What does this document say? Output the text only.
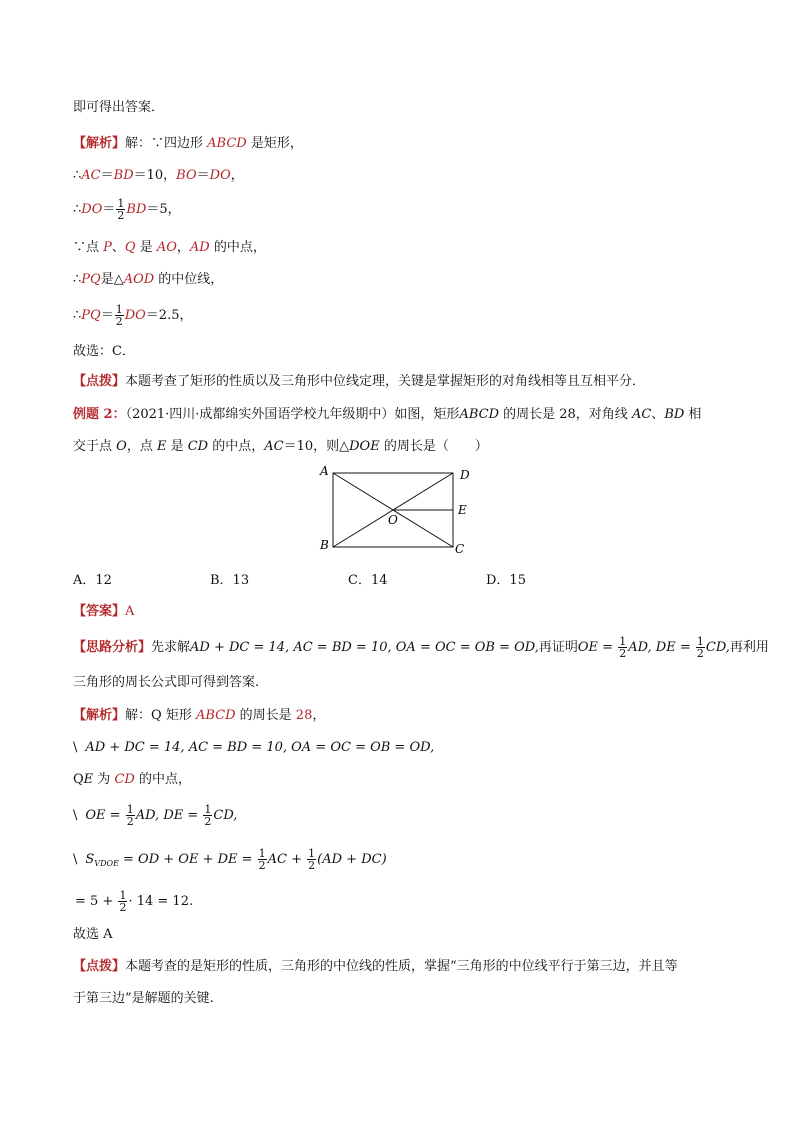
即可得出答案．
【解析】解：∵四边形 ABCD 是矩形，
∴AC＝BD＝10，BO＝DO，
∴DO＝ $\frac{1}{2} BD=5$，
∵点 P、Q 是 AO，AD 的中点，
∴PQ是△AOD 的中位线，
∴PQ＝ $\frac{1}{2} DO=2.5$，
故选：C．
【点拨】本题考查了矩形的性质以及三角形中位线定理，关键是掌握矩形的对角线相等且互相平分．
例题 2：（2021·四川·成都绵实外国语学校九年级期中）如图，矩形ABCD 的周长是 28，对角线 AC、BD 相
交于点 O，点 E 是 CD 的中点，AC＝10，则△DOE 的周长是（　　）
A	D
E
O
B	C
A．12	B．13	C．14	D．15
【答案】A
【思路分析】先求解AD + DC = 14, AC = BD = 10, OA = OC = OB = OD,再证明OE = $\frac{1}{2}$ AD, DE = $\frac{1}{2}$ CD,再利用
三角形的周长公式即可得到答案.
【解析】解：Q 矩形 ABCD 的周长是 28，
\ AD + DC = 14, AC = BD = 10, OA = OC = OB = OD,
QE 为 CD 的中点，
\ OE = $\frac{1}{2}$ AD, DE = $\frac{1}{2}$ CD,
\ $S_{VDOE}$ = OD + OE + DE = $\frac{1}{2}$ AC + $\frac{1}{2} (AD + DC)$
= $5 + \frac{1}{2} \cdot 14 = 12$.
故选 A
【点拨】本题考查的是矩形的性质，三角形的中位线的性质，掌握“三角形的中位线平行于第三边，并且等
于第三边”是解题的关键.
